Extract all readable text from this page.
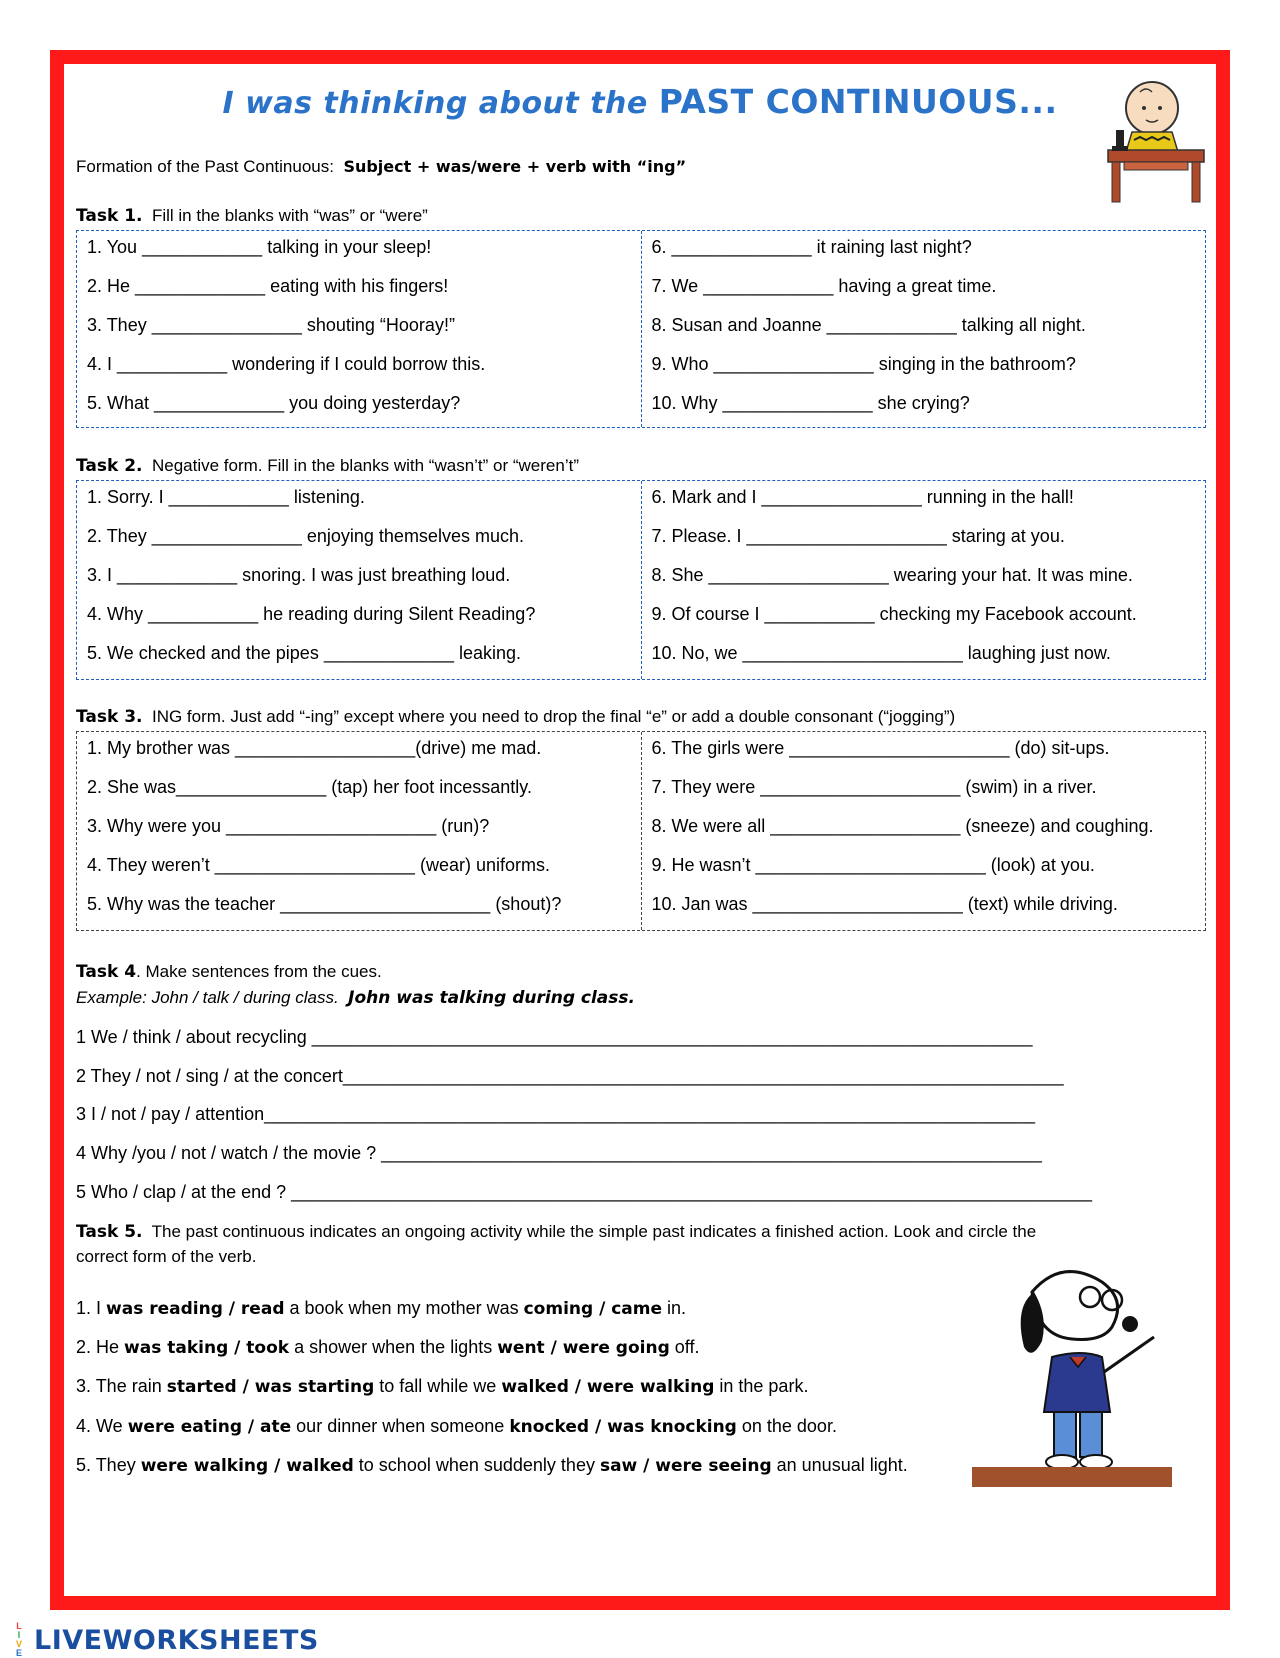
I was thinking about the PAST CONTINUOUS...
Formation of the Past Continuous: Subject + was/were + verb with “ing”
Task 1. Fill in the blanks with “was” or “were”
1. You ____________ talking in your sleep!
2. He _____________ eating with his fingers!
3. They _______________ shouting “Hooray!”
4. I ___________ wondering if I could borrow this.
5. What _____________ you doing yesterday?
6. ______________ it raining last night?
7. We _____________ having a great time.
8. Susan and Joanne _____________ talking all night.
9. Who ________________ singing in the bathroom?
10. Why _______________ she crying?
Task 2. Negative form. Fill in the blanks with “wasn’t” or “weren’t”
1. Sorry. I ____________ listening.
2. They _______________ enjoying themselves much.
3. I ____________ snoring. I was just breathing loud.
4. Why ___________ he reading during Silent Reading?
5. We checked and the pipes _____________ leaking.
6. Mark and I ________________ running in the hall!
7. Please. I ____________________ staring at you.
8. She __________________ wearing your hat. It was mine.
9. Of course I ___________ checking my Facebook account.
10. No, we ______________________ laughing just now.
Task 3. ING form. Just add “-ing” except where you need to drop the final “e” or add a double consonant (“jogging”)
1. My brother was __________________(drive) me mad.
2. She was_______________ (tap) her foot incessantly.
3. Why were you _____________________ (run)?
4. They weren’t ____________________ (wear) uniforms.
5. Why was the teacher _____________________ (shout)?
6. The girls were ______________________ (do) sit-ups.
7. They were ____________________ (swim) in a river.
8. We were all ___________________ (sneeze) and coughing.
9. He wasn’t _______________________ (look) at you.
10. Jan was _____________________ (text) while driving.
Task 4. Make sentences from the cues.
Example: John / talk / during class. John was talking during class.
1 We / think / about recycling ________________________________________________________________________
2 They / not / sing / at the concert________________________________________________________________________
3 I / not / pay / attention_____________________________________________________________________________
4 Why /you / not / watch / the movie ? __________________________________________________________________
5 Who / clap / at the end ? ________________________________________________________________________________
Task 5. The past continuous indicates an ongoing activity while the simple past indicates a finished action. Look and circle the
correct form of the verb.
1. I was reading / read a book when my mother was coming / came in.
2. He was taking / took a shower when the lights went / were going off.
3. The rain started / was starting to fall while we walked / were walking in the park.
4. We were eating / ate our dinner when someone knocked / was knocking on the door.
5. They were walking / walked to school when suddenly they saw / were seeing an unusual light.
L
I
V
E LIVEWORKSHEETS
